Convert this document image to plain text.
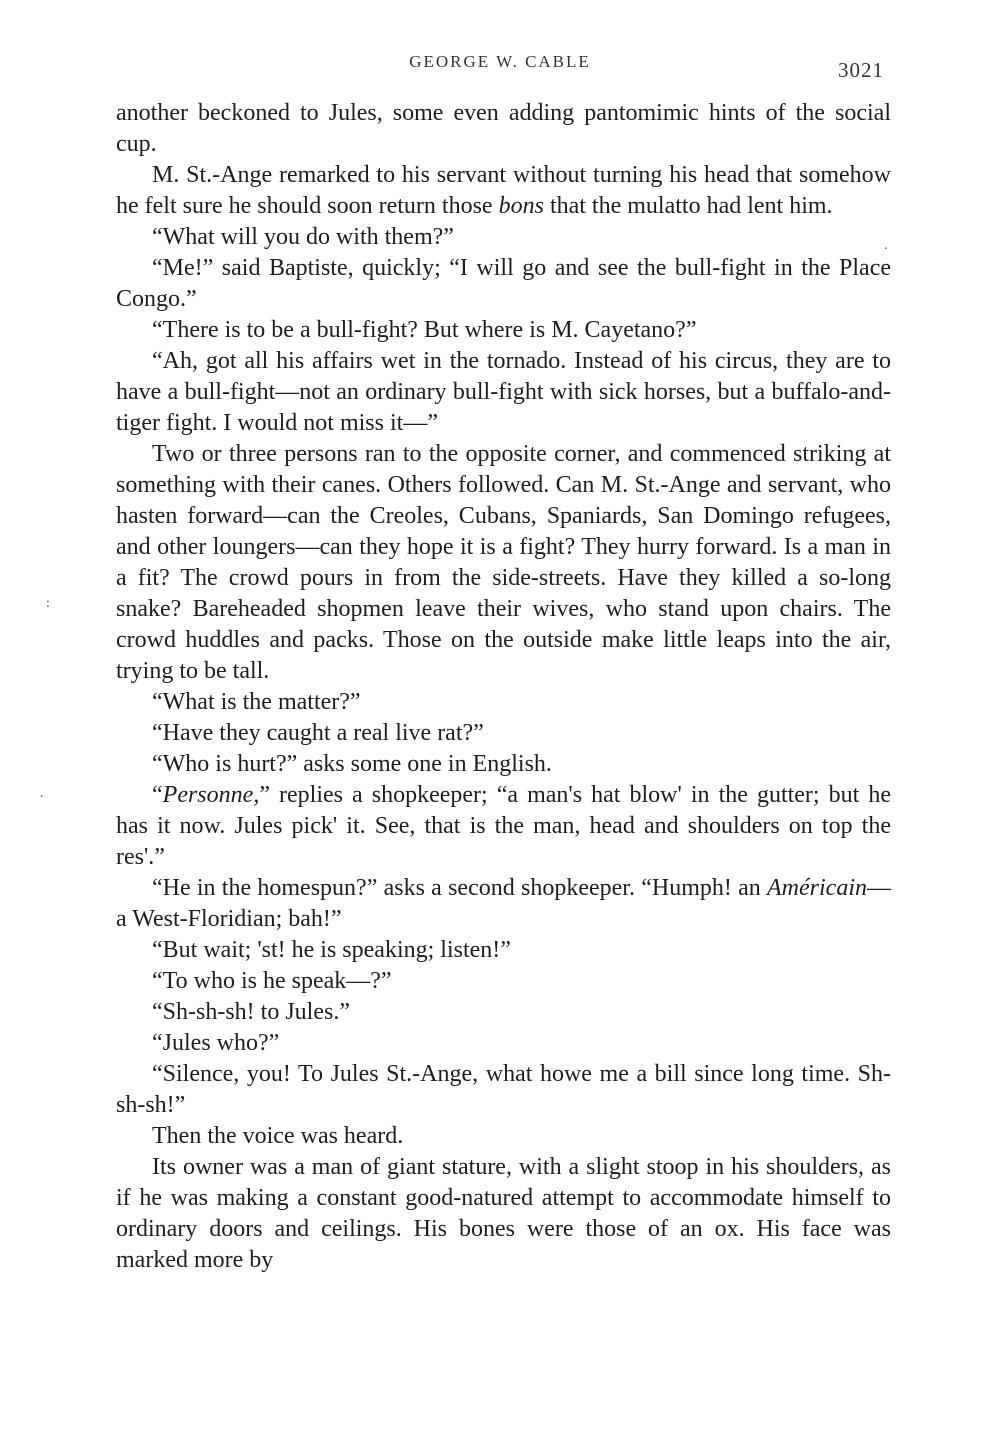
GEORGE W. CABLE	3021
.
:
.

another beckoned to Jules, some even adding pantomimic hints of the social cup.

M. St.-Ange remarked to his servant without turning his head that somehow he felt sure he should soon return those bons that the mulatto had lent him.

“What will you do with them?”

“Me!” said Baptiste, quickly; “I will go and see the bull-fight in the Place Congo.”

“There is to be a bull-fight? But where is M. Cayetano?”

“Ah, got all his affairs wet in the tornado. Instead of his circus, they are to have a bull-fight—not an ordinary bull-fight with sick horses, but a buffalo-and-tiger fight. I would not miss it—”

Two or three persons ran to the opposite corner, and commenced striking at something with their canes. Others followed. Can M. St.-Ange and servant, who hasten forward—can the Creoles, Cubans, Spaniards, San Domingo refugees, and other loungers—can they hope it is a fight? They hurry forward. Is a man in a fit? The crowd pours in from the side-streets. Have they killed a so-long snake? Bareheaded shopmen leave their wives, who stand upon chairs. The crowd huddles and packs. Those on the outside make little leaps into the air, trying to be tall.

“What is the matter?”

“Have they caught a real live rat?”

“Who is hurt?” asks some one in English.

“Personne,” replies a shopkeeper; “a man's hat blow' in the gutter; but he has it now. Jules pick' it. See, that is the man, head and shoulders on top the res'.”

“He in the homespun?” asks a second shopkeeper. “Humph! an Américain—a West-Floridian; bah!”

“But wait; 'st! he is speaking; listen!”

“To who is he speak—?”

“Sh-sh-sh! to Jules.”

“Jules who?”

“Silence, you! To Jules St.-Ange, what howe me a bill since long time. Sh-sh-sh!”

Then the voice was heard.

Its owner was a man of giant stature, with a slight stoop in his shoulders, as if he was making a constant good-natured attempt to accommodate himself to ordinary doors and ceilings. His bones were those of an ox. His face was marked more by
